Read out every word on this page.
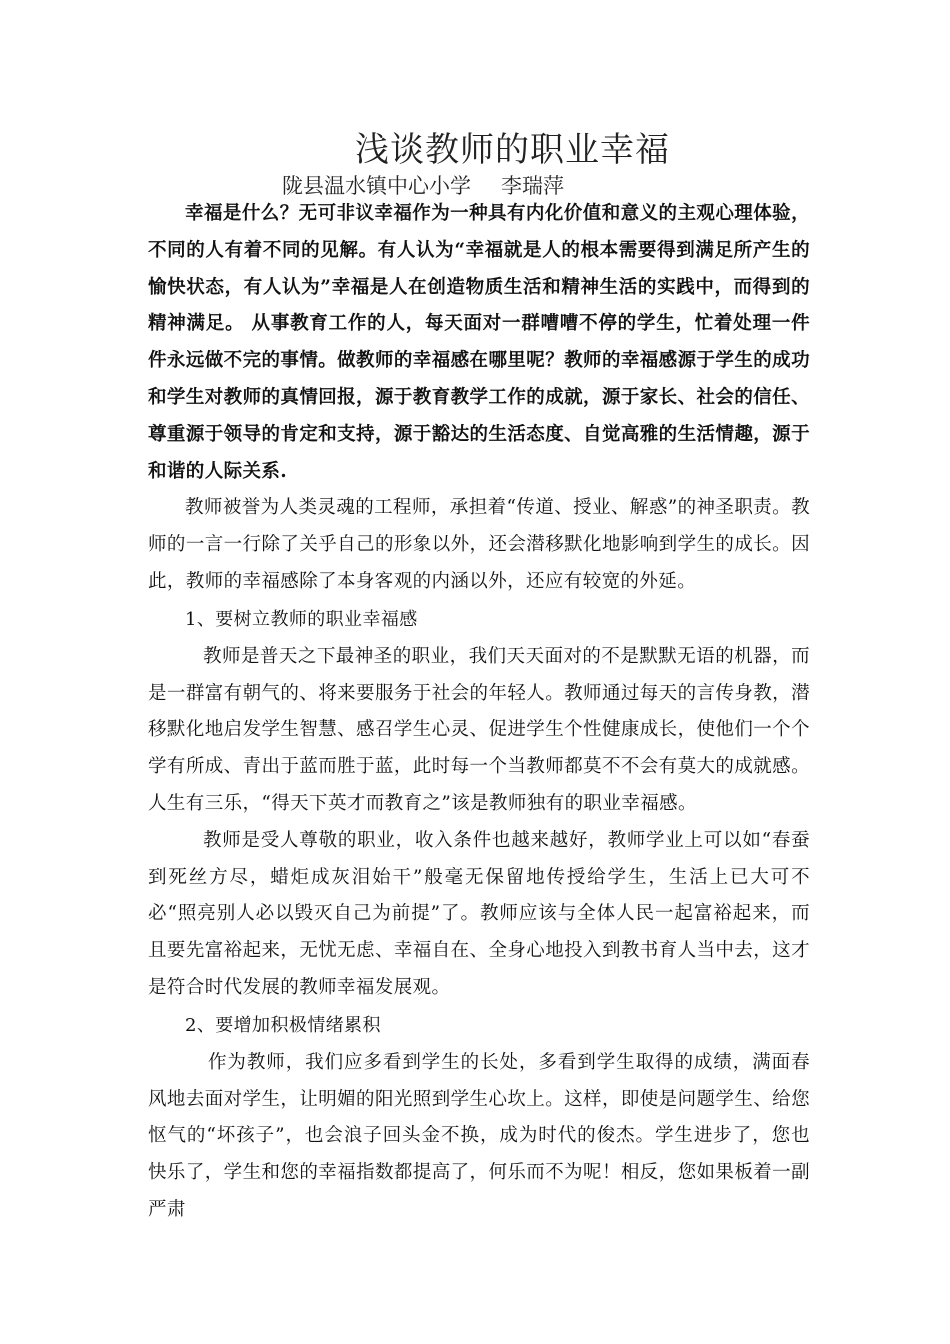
浅谈教师的职业幸福
陇县温水镇中心小学 李瑞萍

幸福是什么？无可非议幸福作为一种具有内化价值和意义的主观心理体验，不同的人有着不同的见解。有人认为“幸福就是人的根本需要得到满足所产生的愉快状态，有人认为”幸福是人在创造物质生活和精神生活的实践中，而得到的精神满足。 从事教育工作的人，每天面对一群嘈嘈不停的学生，忙着处理一件件永远做不完的事情。做教师的幸福感在哪里呢？教师的幸福感源于学生的成功和学生对教师的真情回报，源于教育教学工作的成就，源于家长、社会的信任、尊重源于领导的肯定和支持，源于豁达的生活态度、自觉高雅的生活情趣，源于和谐的人际关系.

教师被誉为人类灵魂的工程师，承担着“传道、授业、解惑”的神圣职责。教师的一言一行除了关乎自己的形象以外，还会潜移默化地影响到学生的成长。因此，教师的幸福感除了本身客观的内涵以外，还应有较宽的外延。

1、要树立教师的职业幸福感

教师是普天之下最神圣的职业，我们天天面对的不是默默无语的机器，而是一群富有朝气的、将来要服务于社会的年轻人。教师通过每天的言传身教，潜移默化地启发学生智慧、感召学生心灵、促进学生个性健康成长，使他们一个个学有所成、青出于蓝而胜于蓝，此时每一个当教师都莫不不会有莫大的成就感。人生有三乐，“得天下英才而教育之”该是教师独有的职业幸福感。

教师是受人尊敬的职业，收入条件也越来越好，教师学业上可以如“春蚕到死丝方尽，蜡炬成灰泪始干”般毫无保留地传授给学生，生活上已大可不必“照亮别人必以毁灭自己为前提”了。教师应该与全体人民一起富裕起来，而且要先富裕起来，无忧无虑、幸福自在、全身心地投入到教书育人当中去，这才是符合时代发展的教师幸福发展观。

2、要增加积极情绪累积

作为教师，我们应多看到学生的长处，多看到学生取得的成绩，满面春风地去面对学生，让明媚的阳光照到学生心坎上。这样，即使是问题学生、给您怄气的“坏孩子”，也会浪子回头金不换，成为时代的俊杰。学生进步了，您也快乐了，学生和您的幸福指数都提高了，何乐而不为呢！相反，您如果板着一副严肃
